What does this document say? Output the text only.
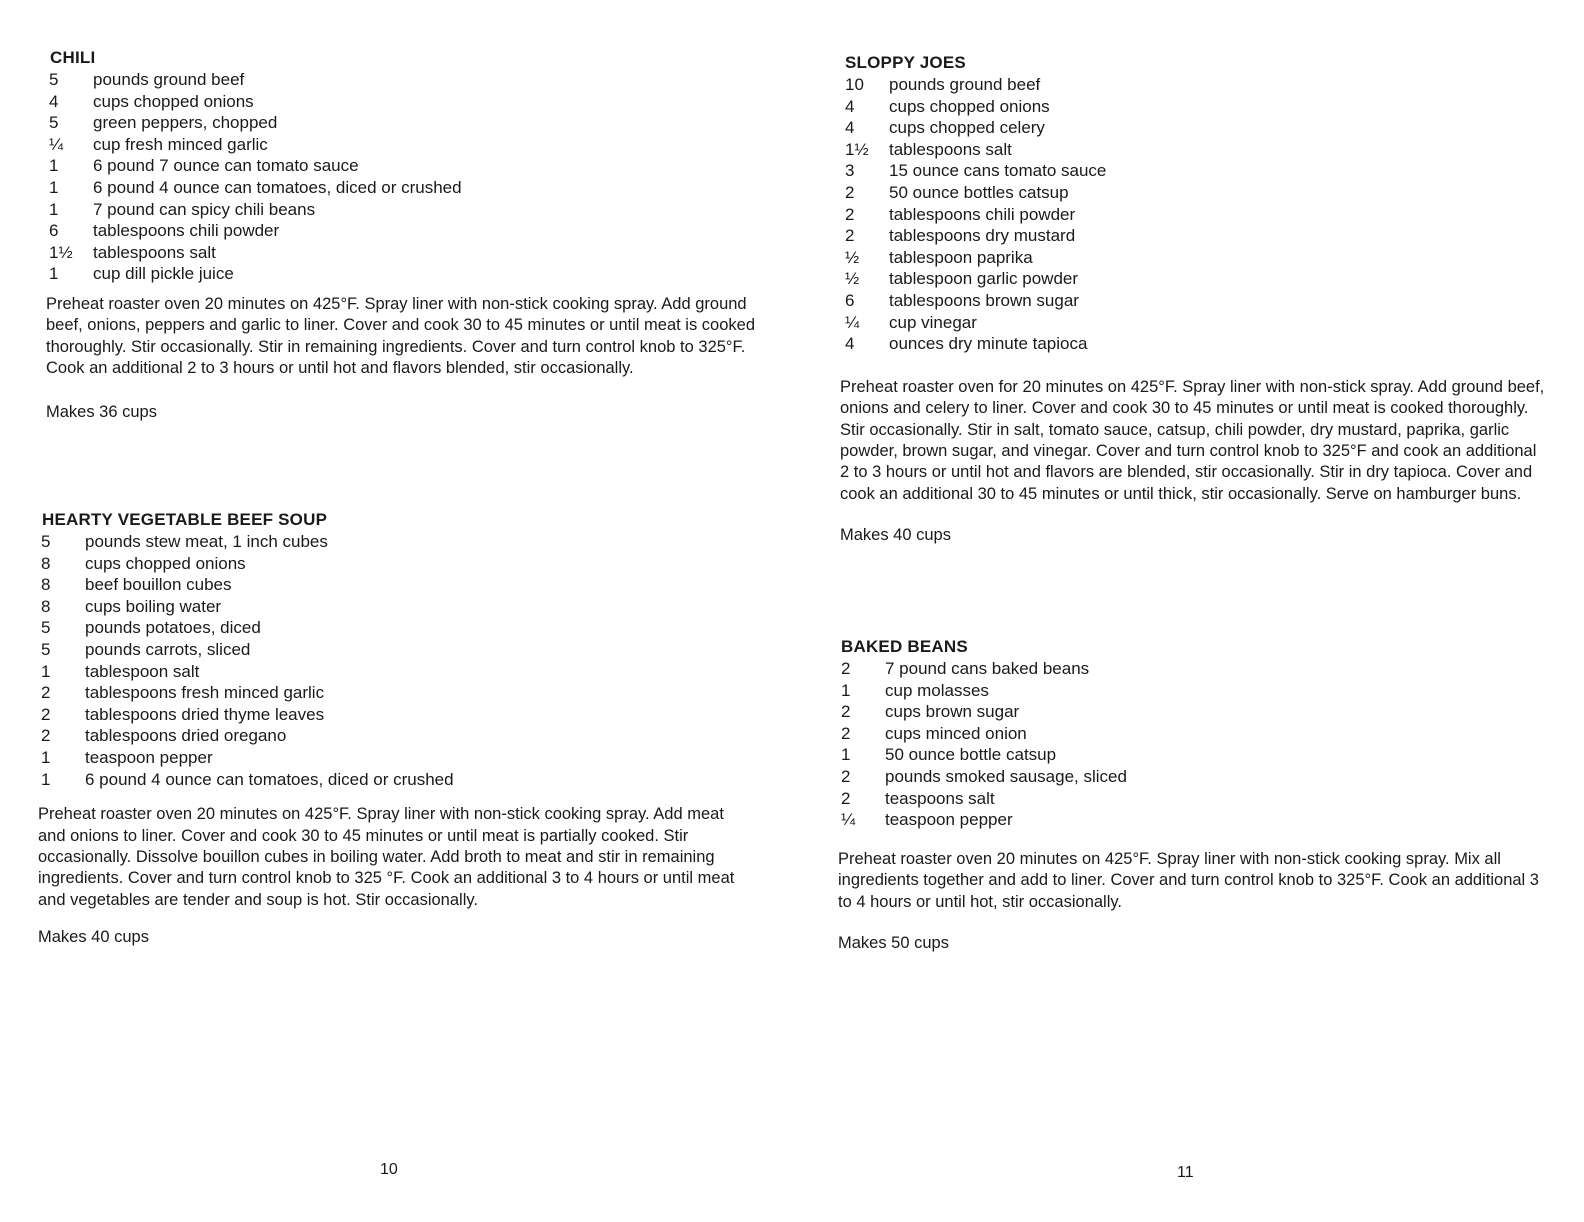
CHILI
5	pounds ground beef
4	cups chopped onions
5	green peppers, chopped
¼	cup fresh minced garlic
1	6 pound 7 ounce can tomato sauce
1	6 pound 4 ounce can tomatoes, diced or crushed
1	7 pound can spicy chili beans
6	tablespoons chili powder
1½	tablespoons salt
1	cup dill pickle juice
Preheat roaster oven 20 minutes on 425°F. Spray liner with non-stick cooking spray. Add ground beef, onions, peppers and garlic to liner. Cover and cook 30 to 45 minutes or until meat is cooked thoroughly. Stir occasionally. Stir in remaining ingredients. Cover and turn control knob to 325°F. Cook an additional 2 to 3 hours or until hot and flavors blended, stir occasionally.
Makes 36 cups
HEARTY VEGETABLE BEEF SOUP
5	pounds stew meat, 1 inch cubes
8	cups chopped onions
8	beef bouillon cubes
8	cups boiling water
5	pounds potatoes, diced
5	pounds carrots, sliced
1	tablespoon salt
2	tablespoons fresh minced garlic
2	tablespoons dried thyme leaves
2	tablespoons dried oregano
1	teaspoon pepper
1	6 pound 4 ounce can tomatoes, diced or crushed
Preheat roaster oven 20 minutes on 425°F. Spray liner with non-stick cooking spray. Add meat and onions to liner. Cover and cook 30 to 45 minutes or until meat is partially cooked. Stir occasionally. Dissolve bouillon cubes in boiling water. Add broth to meat and stir in remaining ingredients. Cover and turn control knob to 325 °F. Cook an additional 3 to 4 hours or until meat and vegetables are tender and soup is hot. Stir occasionally.
Makes 40 cups
10
SLOPPY JOES
10	pounds ground beef
4	cups chopped onions
4	cups chopped celery
1½	tablespoons salt
3	15 ounce cans tomato sauce
2	50 ounce bottles catsup
2	tablespoons chili powder
2	tablespoons dry mustard
½	tablespoon paprika
½	tablespoon garlic powder
6	tablespoons brown sugar
¼	cup vinegar
4	ounces dry minute tapioca
Preheat roaster oven for 20 minutes on 425°F. Spray liner with non-stick spray. Add ground beef, onions and celery to liner. Cover and cook 30 to 45 minutes or until meat is cooked thoroughly. Stir occasionally. Stir in salt, tomato sauce, catsup, chili powder, dry mustard, paprika, garlic powder, brown sugar, and vinegar. Cover and turn control knob to 325°F and cook an additional 2 to 3 hours or until hot and flavors are blended, stir occasionally. Stir in dry tapioca. Cover and cook an additional 30 to 45 minutes or until thick, stir occasionally. Serve on hamburger buns.
Makes 40 cups
BAKED BEANS
2	7 pound cans baked beans
1	cup molasses
2	cups brown sugar
2	cups minced onion
1	50 ounce bottle catsup
2	pounds smoked sausage, sliced
2	teaspoons salt
¼	teaspoon pepper
Preheat roaster oven 20 minutes on 425°F. Spray liner with non-stick cooking spray. Mix all ingredients together and add to liner. Cover and turn control knob to 325°F. Cook an additional 3 to 4 hours or until hot, stir occasionally.
Makes 50 cups
11
